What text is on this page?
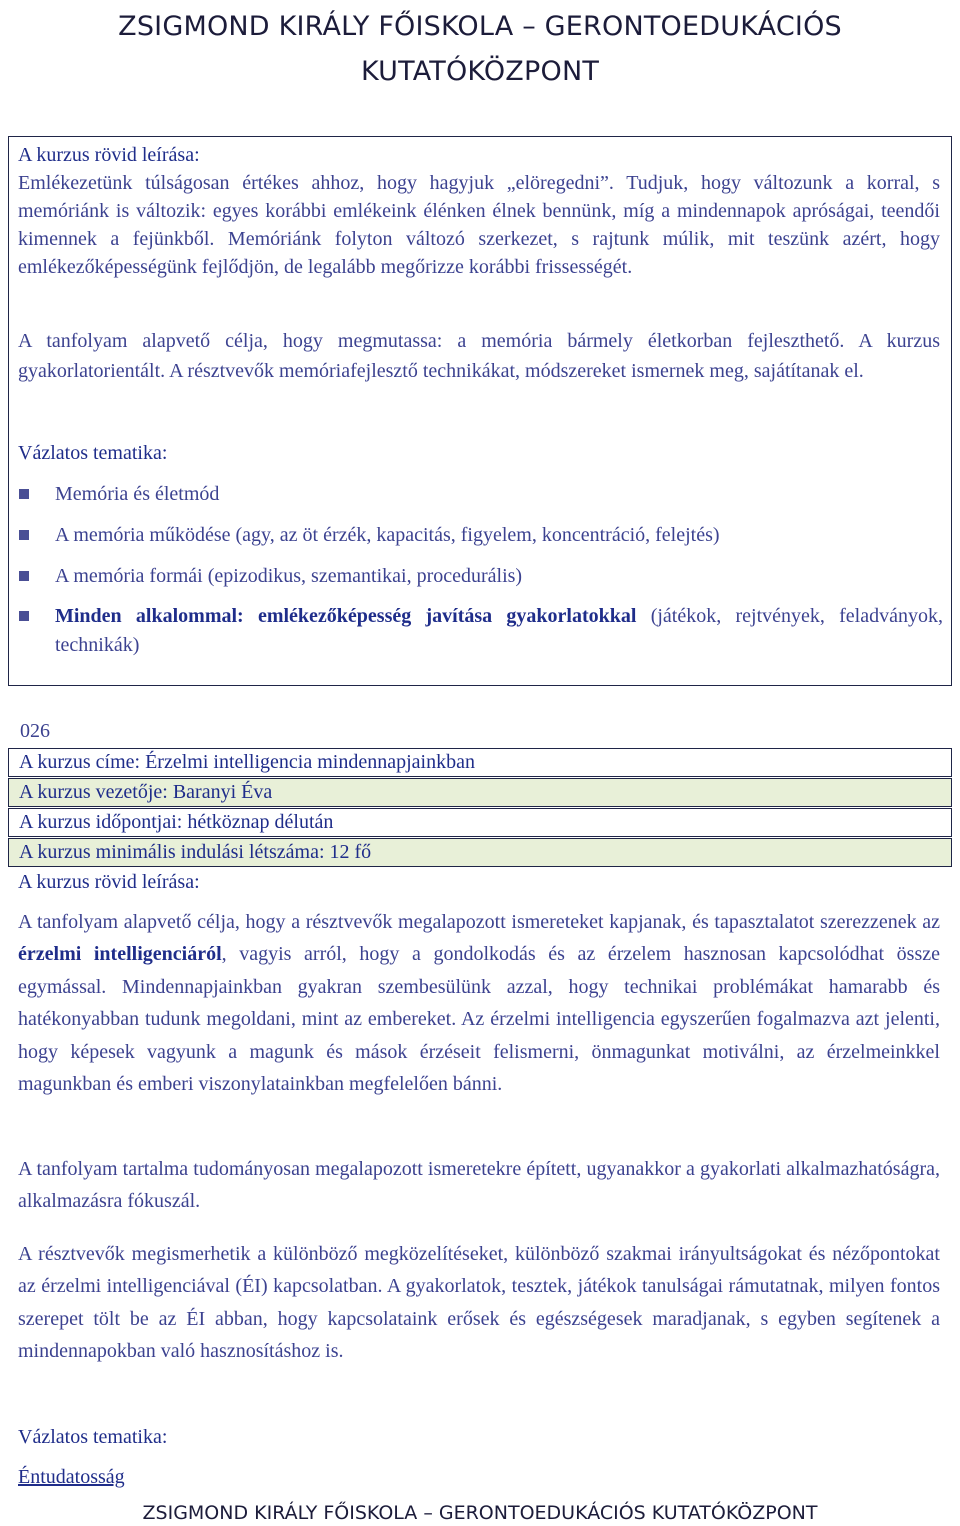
ZSIGMOND KIRÁLY FŐISKOLA – GERONTOEDUKÁCIÓS
KUTATÓKÖZPONT
A kurzus rövid leírása:

Emlékezetünk túlságosan értékes ahhoz, hogy hagyjuk „elöregedni”. Tudjuk, hogy változunk a korral, s memóriánk is változik: egyes korábbi emlékeink élénken élnek bennünk, míg a mindennapok apróságai, teendői kimennek a fejünkből. Memóriánk folyton változó szerkezet, s rajtunk múlik, mit teszünk azért, hogy emlékezőképességünk fejlődjön, de legalább megőrizze korábbi frissességét.

A tanfolyam alapvető célja, hogy megmutassa: a memória bármely életkorban fejleszthető. A kurzus gyakorlatorientált. A résztvevők memóriafejlesztő technikákat, módszereket ismernek meg, sajátítanak el.

Vázlatos tematika:
Memória és életmód
A memória működése (agy, az öt érzék, kapacitás, figyelem, koncentráció, felejtés)
A memória formái (epizodikus, szemantikai, procedurális)
Minden alkalommal: emlékezőképesség javítása gyakorlatokkal (játékok, rejtvények, feladványok, technikák)
026
A kurzus címe: Érzelmi intelligencia mindennapjainkban
A kurzus vezetője: Baranyi Éva
A kurzus időpontjai: hétköznap délután
A kurzus minimális indulási létszáma: 12 fő
A kurzus rövid leírása:

A tanfolyam alapvető célja, hogy a résztvevők megalapozott ismereteket kapjanak, és tapasztalatot szerezzenek az érzelmi intelligenciáról, vagyis arról, hogy a gondolkodás és az érzelem hasznosan kapcsolódhat össze egymással. Mindennapjainkban gyakran szembesülünk azzal, hogy technikai problémákat hamarabb és hatékonyabban tudunk megoldani, mint az embereket. Az érzelmi intelligencia egyszerűen fogalmazva azt jelenti, hogy képesek vagyunk a magunk és mások érzéseit felismerni, önmagunkat motiválni, az érzelmeinkkel magunkban és emberi viszonylatainkban megfelelően bánni.

A tanfolyam tartalma tudományosan megalapozott ismeretekre épített, ugyanakkor a gyakorlati alkalmazhatóságra, alkalmazásra fókuszál.

A résztvevők megismerhetik a különböző megközelítéseket, különböző szakmai irányultságokat és nézőpontokat az érzelmi intelligenciával (ÉI) kapcsolatban. A gyakorlatok, tesztek, játékok tanulságai rámutatnak, milyen fontos szerepet tölt be az ÉI abban, hogy kapcsolataink erősek és egészségesek maradjanak, s egyben segítenek a mindennapokban való hasznosításhoz is.

Vázlatos tematika:
Éntudatosság
ZSIGMOND KIRÁLY FŐISKOLA – GERONTOEDUKÁCIÓS KUTATÓKÖZPONT
